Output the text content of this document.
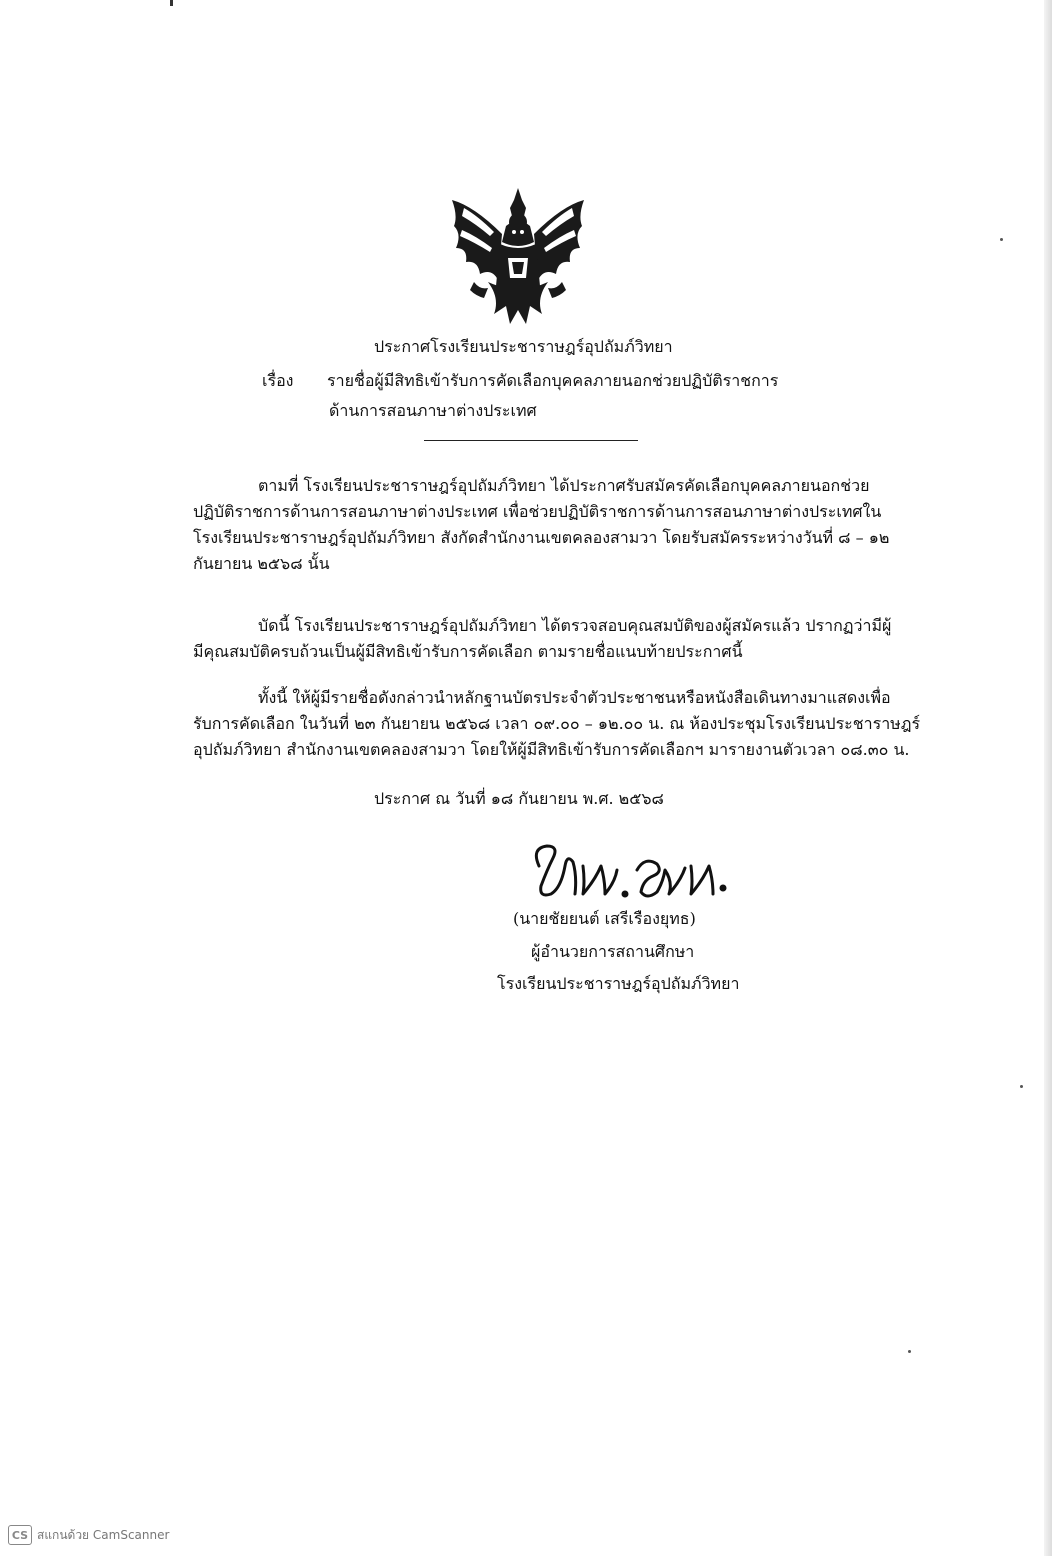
ประกาศโรงเรียนประชาราษฎร์อุปถัมภ์วิทยา
เรื่อง รายชื่อผู้มีสิทธิเข้ารับการคัดเลือกบุคคลภายนอกช่วยปฏิบัติราชการ
ด้านการสอนภาษาต่างประเทศ
ตามที่ โรงเรียนประชาราษฎร์อุปถัมภ์วิทยา ได้ประกาศรับสมัครคัดเลือกบุคคลภายนอกช่วย
ปฏิบัติราชการด้านการสอนภาษาต่างประเทศ เพื่อช่วยปฏิบัติราชการด้านการสอนภาษาต่างประเทศใน
โรงเรียนประชาราษฎร์อุปถัมภ์วิทยา สังกัดสำนักงานเขตคลองสามวา โดยรับสมัครระหว่างวันที่ ๘ – ๑๒
กันยายน ๒๕๖๘ นั้น
บัดนี้ โรงเรียนประชาราษฎร์อุปถัมภ์วิทยา ได้ตรวจสอบคุณสมบัติของผู้สมัครแล้ว ปรากฏว่ามีผู้
มีคุณสมบัติครบถ้วนเป็นผู้มีสิทธิเข้ารับการคัดเลือก ตามรายชื่อแนบท้ายประกาศนี้
ทั้งนี้ ให้ผู้มีรายชื่อดังกล่าวนำหลักฐานบัตรประจำตัวประชาชนหรือหนังสือเดินทางมาแสดงเพื่อ
รับการคัดเลือก ในวันที่ ๒๓ กันยายน ๒๕๖๘ เวลา ๐๙.๐๐ – ๑๒.๐๐ น. ณ ห้องประชุมโรงเรียนประชาราษฎร์
อุปถัมภ์วิทยา สำนักงานเขตคลองสามวา โดยให้ผู้มีสิทธิเข้ารับการคัดเลือกฯ มารายงานตัวเวลา ๐๘.๓๐ น.
ประกาศ ณ วันที่ ๑๘ กันยายน พ.ศ. ๒๕๖๘
(นายชัยยนต์ เสรีเรืองยุทธ)
ผู้อำนวยการสถานศึกษา
โรงเรียนประชาราษฎร์อุปถัมภ์วิทยา
CS สแกนด้วย CamScanner
